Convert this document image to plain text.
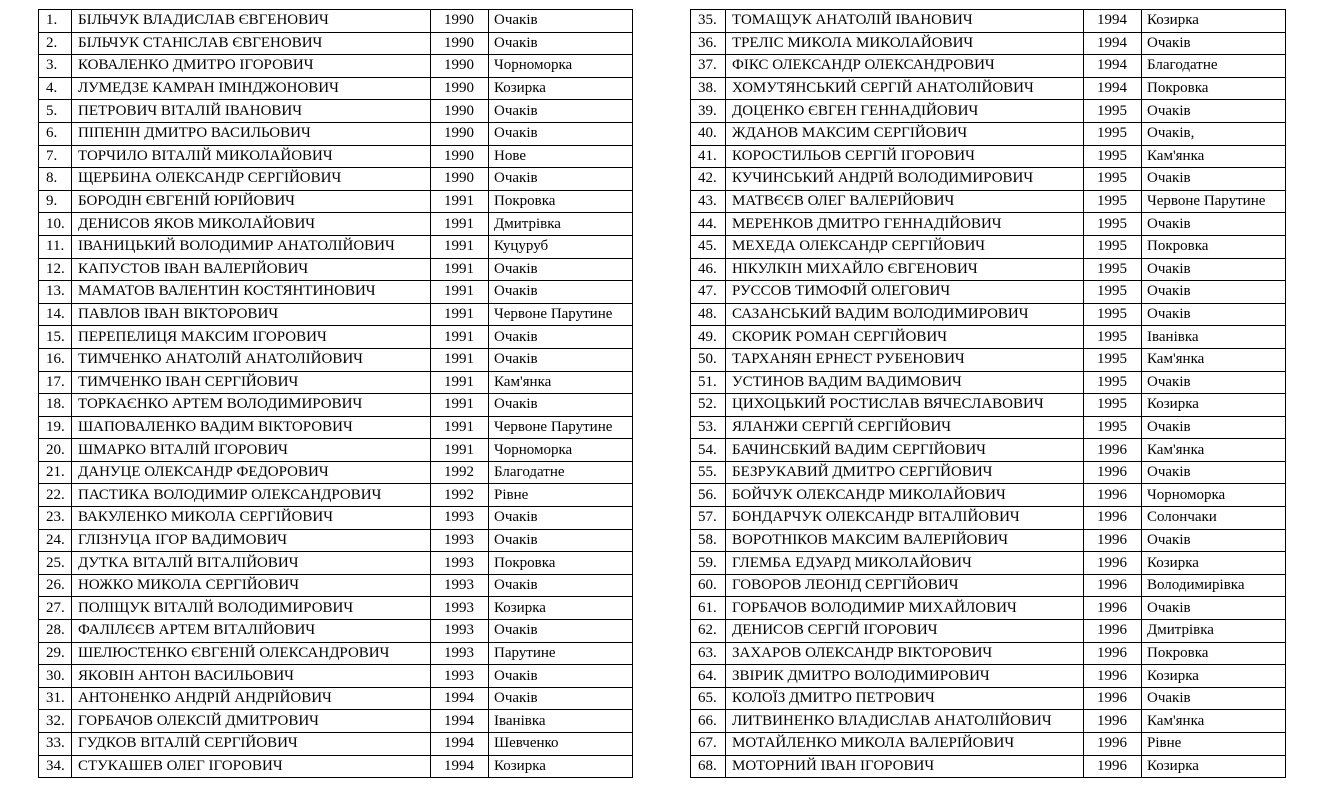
1.	БІЛЬЧУК ВЛАДИСЛАВ ЄВГЕНОВИЧ	1990	Очаків
2.	БІЛЬЧУК СТАНІСЛАВ ЄВГЕНОВИЧ	1990	Очаків
3.	КОВАЛЕНКО ДМИТРО ІГОРОВИЧ	1990	Чорноморка
4.	ЛУМЕДЗЕ КАМРАН ІМІНДЖОНОВИЧ	1990	Козирка
5.	ПЕТРОВИЧ ВІТАЛІЙ ІВАНОВИЧ	1990	Очаків
6.	ПІПЕНІН ДМИТРО ВАСИЛЬОВИЧ	1990	Очаків
7.	ТОРЧИЛО ВІТАЛІЙ МИКОЛАЙОВИЧ	1990	Нове
8.	ЩЕРБИНА ОЛЕКСАНДР СЕРГІЙОВИЧ	1990	Очаків
9.	БОРОДІН ЄВГЕНІЙ ЮРІЙОВИЧ	1991	Покровка
10.	ДЕНИСОВ ЯКОВ МИКОЛАЙОВИЧ	1991	Дмитрівка
11.	ІВАНИЦЬКИЙ ВОЛОДИМИР АНАТОЛІЙОВИЧ	1991	Куцуруб
12.	КАПУСТОВ ІВАН ВАЛЕРІЙОВИЧ	1991	Очаків
13.	МАМАТОВ ВАЛЕНТИН КОСТЯНТИНОВИЧ	1991	Очаків
14.	ПАВЛОВ ІВАН ВІКТОРОВИЧ	1991	Червоне Парутине
15.	ПЕРЕПЕЛИЦЯ МАКСИМ ІГОРОВИЧ	1991	Очаків
16.	ТИМЧЕНКО АНАТОЛІЙ АНАТОЛІЙОВИЧ	1991	Очаків
17.	ТИМЧЕНКО ІВАН СЕРГІЙОВИЧ	1991	Кам'янка
18.	ТОРКАЄНКО АРТЕМ ВОЛОДИМИРОВИЧ	1991	Очаків
19.	ШАПОВАЛЕНКО ВАДИМ ВІКТОРОВИЧ	1991	Червоне Парутине
20.	ШМАРКО ВІТАЛІЙ ІГОРОВИЧ	1991	Чорноморка
21.	ДАНУЦЕ ОЛЕКСАНДР ФЕДОРОВИЧ	1992	Благодатне
22.	ПАСТИКА ВОЛОДИМИР ОЛЕКСАНДРОВИЧ	1992	Рівне
23.	ВАКУЛЕНКО МИКОЛА СЕРГІЙОВИЧ	1993	Очаків
24.	ГЛІЗНУЦА ІГОР ВАДИМОВИЧ	1993	Очаків
25.	ДУТКА ВІТАЛІЙ ВІТАЛІЙОВИЧ	1993	Покровка
26.	НОЖКО МИКОЛА СЕРГІЙОВИЧ	1993	Очаків
27.	ПОЛІЩУК ВІТАЛІЙ ВОЛОДИМИРОВИЧ	1993	Козирка
28.	ФАЛІЛЄЄВ АРТЕМ ВІТАЛІЙОВИЧ	1993	Очаків
29.	ШЕЛЮСТЕНКО ЄВГЕНІЙ ОЛЕКСАНДРОВИЧ	1993	Парутине
30.	ЯКОВІН АНТОН ВАСИЛЬОВИЧ	1993	Очаків
31.	АНТОНЕНКО АНДРІЙ АНДРІЙОВИЧ	1994	Очаків
32.	ГОРБАЧОВ ОЛЕКСІЙ ДМИТРОВИЧ	1994	Іванівка
33.	ГУДКОВ ВІТАЛІЙ СЕРГІЙОВИЧ	1994	Шевченко
34.	СТУКАШЕВ ОЛЕГ ІГОРОВИЧ	1994	Козирка
35.	ТОМАЩУК АНАТОЛІЙ ІВАНОВИЧ	1994	Козирка
36.	ТРЕЛІС МИКОЛА МИКОЛАЙОВИЧ	1994	Очаків
37.	ФІКС ОЛЕКСАНДР ОЛЕКСАНДРОВИЧ	1994	Благодатне
38.	ХОМУТЯНСЬКИЙ СЕРГІЙ АНАТОЛІЙОВИЧ	1994	Покровка
39.	ДОЦЕНКО ЄВГЕН ГЕННАДІЙОВИЧ	1995	Очаків
40.	ЖДАНОВ МАКСИМ СЕРГІЙОВИЧ	1995	Очаків,
41.	КОРОСТИЛЬОВ СЕРГІЙ ІГОРОВИЧ	1995	Кам'янка
42.	КУЧИНСЬКИЙ АНДРІЙ ВОЛОДИМИРОВИЧ	1995	Очаків
43.	МАТВЄЄВ ОЛЕГ ВАЛЕРІЙОВИЧ	1995	Червоне Парутине
44.	МЕРЕНКОВ ДМИТРО ГЕННАДІЙОВИЧ	1995	Очаків
45.	МЕХЕДА ОЛЕКСАНДР СЕРГІЙОВИЧ	1995	Покровка
46.	НІКУЛКІН МИХАЙЛО ЄВГЕНОВИЧ	1995	Очаків
47.	РУССОВ ТИМОФІЙ ОЛЕГОВИЧ	1995	Очаків
48.	САЗАНСЬКИЙ ВАДИМ ВОЛОДИМИРОВИЧ	1995	Очаків
49.	СКОРИК РОМАН СЕРГІЙОВИЧ	1995	Іванівка
50.	ТАРХАНЯН ЕРНЕСТ РУБЕНОВИЧ	1995	Кам'янка
51.	УСТИНОВ ВАДИМ ВАДИМОВИЧ	1995	Очаків
52.	ЦИХОЦЬКИЙ РОСТИСЛАВ ВЯЧЕСЛАВОВИЧ	1995	Козирка
53.	ЯЛАНЖИ СЕРГІЙ СЕРГІЙОВИЧ	1995	Очаків
54.	БАЧИНСБКИЙ ВАДИМ СЕРГІЙОВИЧ	1996	Кам'янка
55.	БЕЗРУКАВИЙ ДМИТРО СЕРГІЙОВИЧ	1996	Очаків
56.	БОЙЧУК ОЛЕКСАНДР МИКОЛАЙОВИЧ	1996	Чорноморка
57.	БОНДАРЧУК ОЛЕКСАНДР ВІТАЛІЙОВИЧ	1996	Солончаки
58.	ВОРОТНІКОВ МАКСИМ ВАЛЕРІЙОВИЧ	1996	Очаків
59.	ГЛЕМБА ЕДУАРД МИКОЛАЙОВИЧ	1996	Козирка
60.	ГОВОРОВ ЛЕОНІД СЕРГІЙОВИЧ	1996	Володимирівка
61.	ГОРБАЧОВ ВОЛОДИМИР МИХАЙЛОВИЧ	1996	Очаків
62.	ДЕНИСОВ СЕРГІЙ ІГОРОВИЧ	1996	Дмитрівка
63.	ЗАХАРОВ ОЛЕКСАНДР ВІКТОРОВИЧ	1996	Покровка
64.	ЗВІРИК ДМИТРО ВОЛОДИМИРОВИЧ	1996	Козирка
65.	КОЛОЇЗ ДМИТРО ПЕТРОВИЧ	1996	Очаків
66.	ЛИТВИНЕНКО ВЛАДИСЛАВ АНАТОЛІЙОВИЧ	1996	Кам'янка
67.	МОТАЙЛЕНКО МИКОЛА ВАЛЕРІЙОВИЧ	1996	Рівне
68.	МОТОРНИЙ ІВАН ІГОРОВИЧ	1996	Козирка
